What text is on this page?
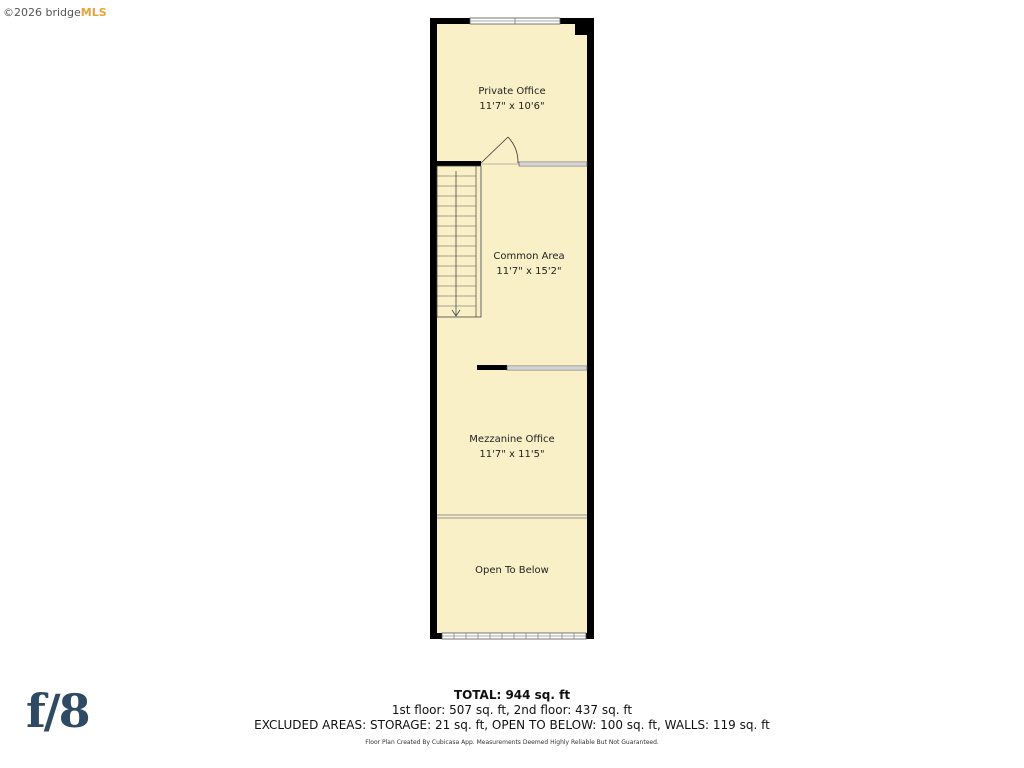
©2026 bridgeMLS
Private Office
11'7" x 10'6"
Common Area
11'7" x 15'2"
Mezzanine Office
11'7" x 11'5"
Open To Below
f/8	TOTAL: 944 sq. ft
1st floor: 507 sq. ft, 2nd floor: 437 sq. ft
EXCLUDED AREAS: STORAGE: 21 sq. ft, OPEN TO BELOW: 100 sq. ft, WALLS: 119 sq. ft
Floor Plan Created By Cubicasa App. Measurements Deemed Highly Reliable But Not Guaranteed.
